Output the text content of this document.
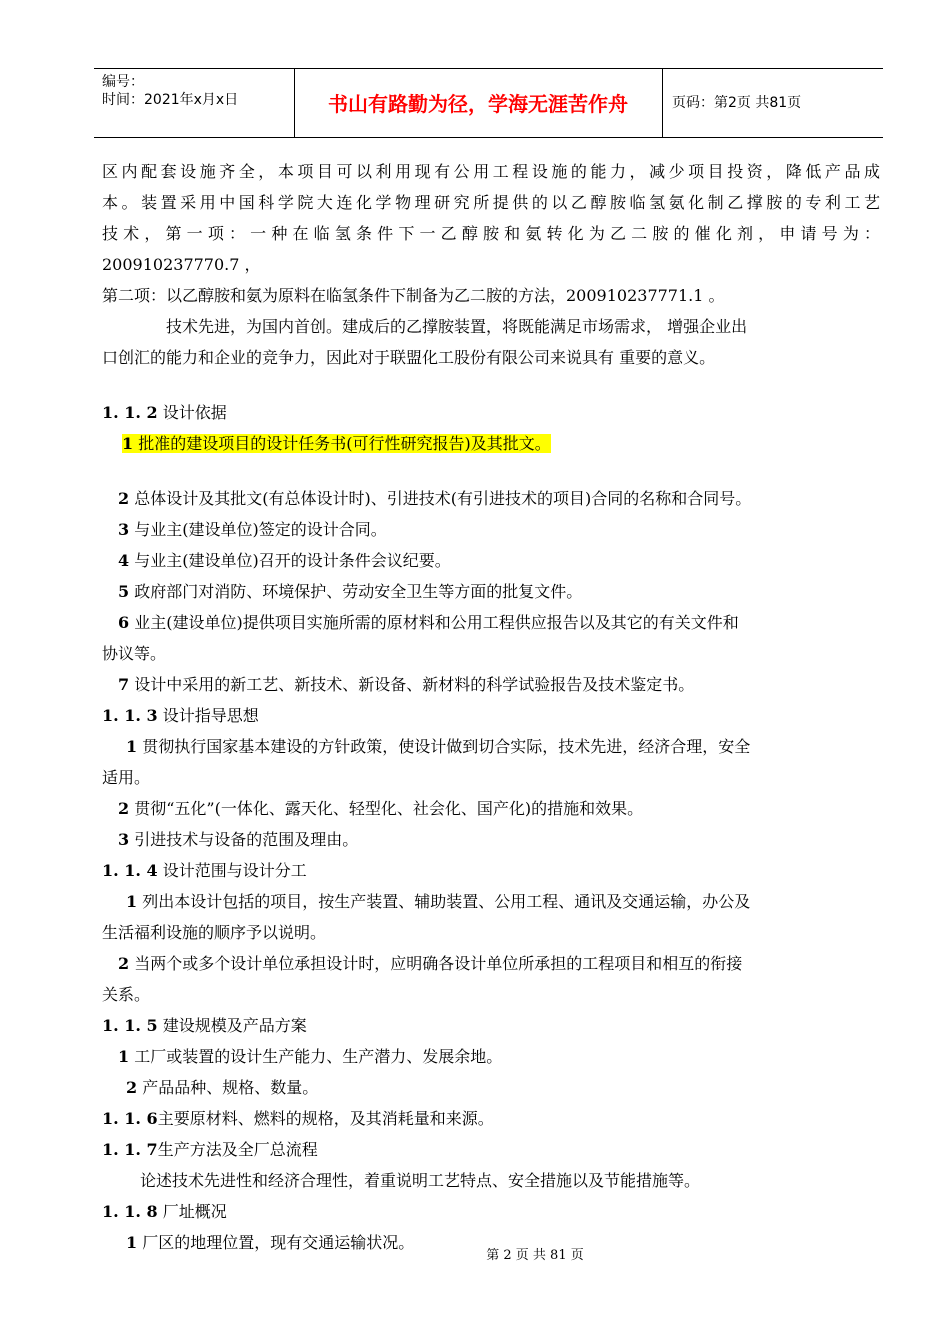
编号：
时间：2021年x月x日	书山有路勤为径，学海无涯苦作舟	页码：第2页 共81页
区内配套设施齐全，本项目可以利用现有公用工程设施的能力，减少项目投资，降低产品成
本。装置采用中国科学院大连化学物理研究所提供的以乙醇胺临氢氨化制乙撑胺的专利工艺
技术，第一项：一种在临氢条件下一乙醇胺和氨转化为乙二胺的催化剂，申请号为：
200910237770.7 ，
第二项：以乙醇胺和氨为原料在临氢条件下制备为乙二胺的方法，200910237771.1 。
技术先进，为国内首创。建成后的乙撑胺装置，将既能满足市场需求， 增强企业出
口创汇的能力和企业的竞争力，因此对于联盟化工股份有限公司来说具有 重要的意义。
1. 1. 2 设计依据
1 批准的建设项目的设计任务书(可行性研究报告)及其批文。
2 总体设计及其批文(有总体设计时)、引进技术(有引进技术的项目)合同的名称和合同号。
3 与业主(建设单位)签定的设计合同。
4 与业主(建设单位)召开的设计条件会议纪要。
5 政府部门对消防、环境保护、劳动安全卫生等方面的批复文件。
6 业主(建设单位)提供项目实施所需的原材料和公用工程供应报告以及其它的有关文件和
协议等。
7 设计中采用的新工艺、新技术、新设备、新材料的科学试验报告及技术鉴定书。
1. 1. 3 设计指导思想
1 贯彻执行国家基本建设的方针政策，使设计做到切合实际，技术先进，经济合理，安全
适用。
2 贯彻“五化”(一体化、露天化、轻型化、社会化、国产化)的措施和效果。
3 引进技术与设备的范围及理由。
1. 1. 4 设计范围与设计分工
1 列出本设计包括的项目，按生产装置、辅助装置、公用工程、通讯及交通运输，办公及
生活福利设施的顺序予以说明。
2 当两个或多个设计单位承担设计时，应明确各设计单位所承担的工程项目和相互的衔接
关系。
1. 1. 5 建设规模及产品方案
1 工厂或装置的设计生产能力、生产潜力、发展余地。
2 产品品种、规格、数量。
1. 1. 6主要原材料、燃料的规格，及其消耗量和来源。
1. 1. 7生产方法及全厂总流程
论述技术先进性和经济合理性，着重说明工艺特点、安全措施以及节能措施等。
1. 1. 8 厂址概况
1 厂区的地理位置，现有交通运输状况。
第 2 页 共 81 页
